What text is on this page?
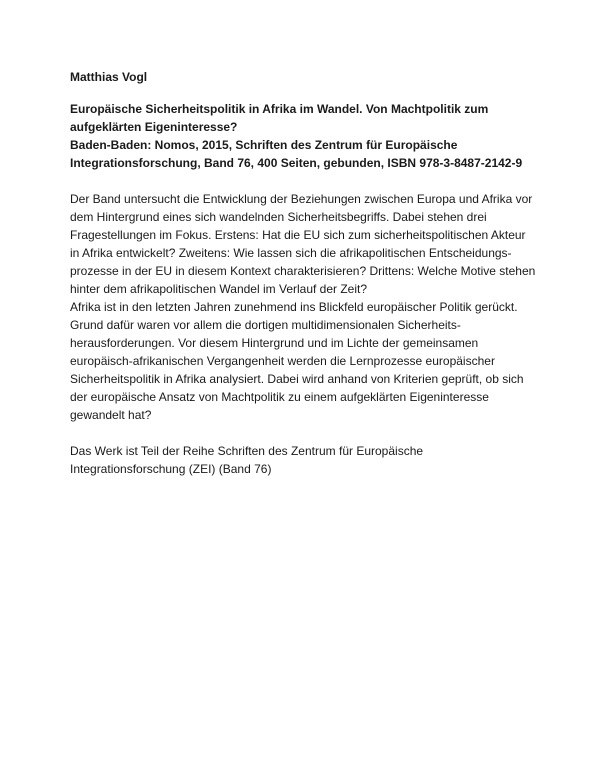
Matthias Vogl

Europäische Sicherheitspolitik in Afrika im Wandel. Von Machtpolitik zum
aufgeklärten Eigeninteresse?
Baden-Baden: Nomos, 2015, Schriften des Zentrum für Europäische
Integrationsforschung, Band 76, 400 Seiten, gebunden, ISBN 978-3-8487-2142-9

Der Band untersucht die Entwicklung der Beziehungen zwischen Europa und Afrika vor
dem Hintergrund eines sich wandelnden Sicherheitsbegriffs. Dabei stehen drei
Fragestellungen im Fokus. Erstens: Hat die EU sich zum sicherheitspolitischen Akteur
in Afrika entwickelt? Zweitens: Wie lassen sich die afrikapolitischen Entscheidungs-
prozesse in der EU in diesem Kontext charakterisieren? Drittens: Welche Motive stehen
hinter dem afrikapolitischen Wandel im Verlauf der Zeit?
Afrika ist in den letzten Jahren zunehmend ins Blickfeld europäischer Politik gerückt.
Grund dafür waren vor allem die dortigen multidimensionalen Sicherheits-
herausforderungen. Vor diesem Hintergrund und im Lichte der gemeinsamen
europäisch-afrikanischen Vergangenheit werden die Lernprozesse europäischer
Sicherheitspolitik in Afrika analysiert. Dabei wird anhand von Kriterien geprüft, ob sich
der europäische Ansatz von Machtpolitik zu einem aufgeklärten Eigeninteresse
gewandelt hat?

Das Werk ist Teil der Reihe Schriften des Zentrum für Europäische
Integrationsforschung (ZEI) (Band 76)
